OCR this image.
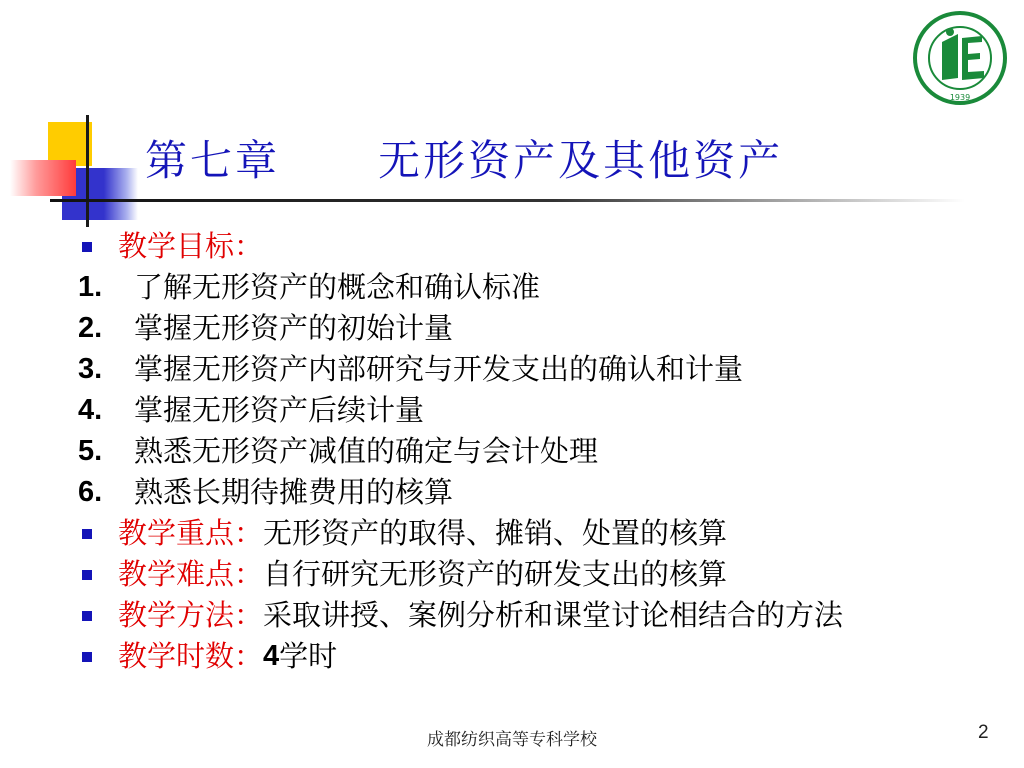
第七章      无形资产及其他资产
1939
教学目标：
1. 了解无形资产的概念和确认标准
2. 掌握无形资产的初始计量
3. 掌握无形资产内部研究与开发支出的确认和计量
4. 掌握无形资产后续计量
5. 熟悉无形资产减值的确定与会计处理
6. 熟悉长期待摊费用的核算
教学重点： 无形资产的取得、摊销、处置的核算
教学难点： 自行研究无形资产的研发支出的核算
教学方法： 采取讲授、案例分析和课堂讨论相结合的方法
教学时数： 4 学时
成都纺织高等专科学校	2
